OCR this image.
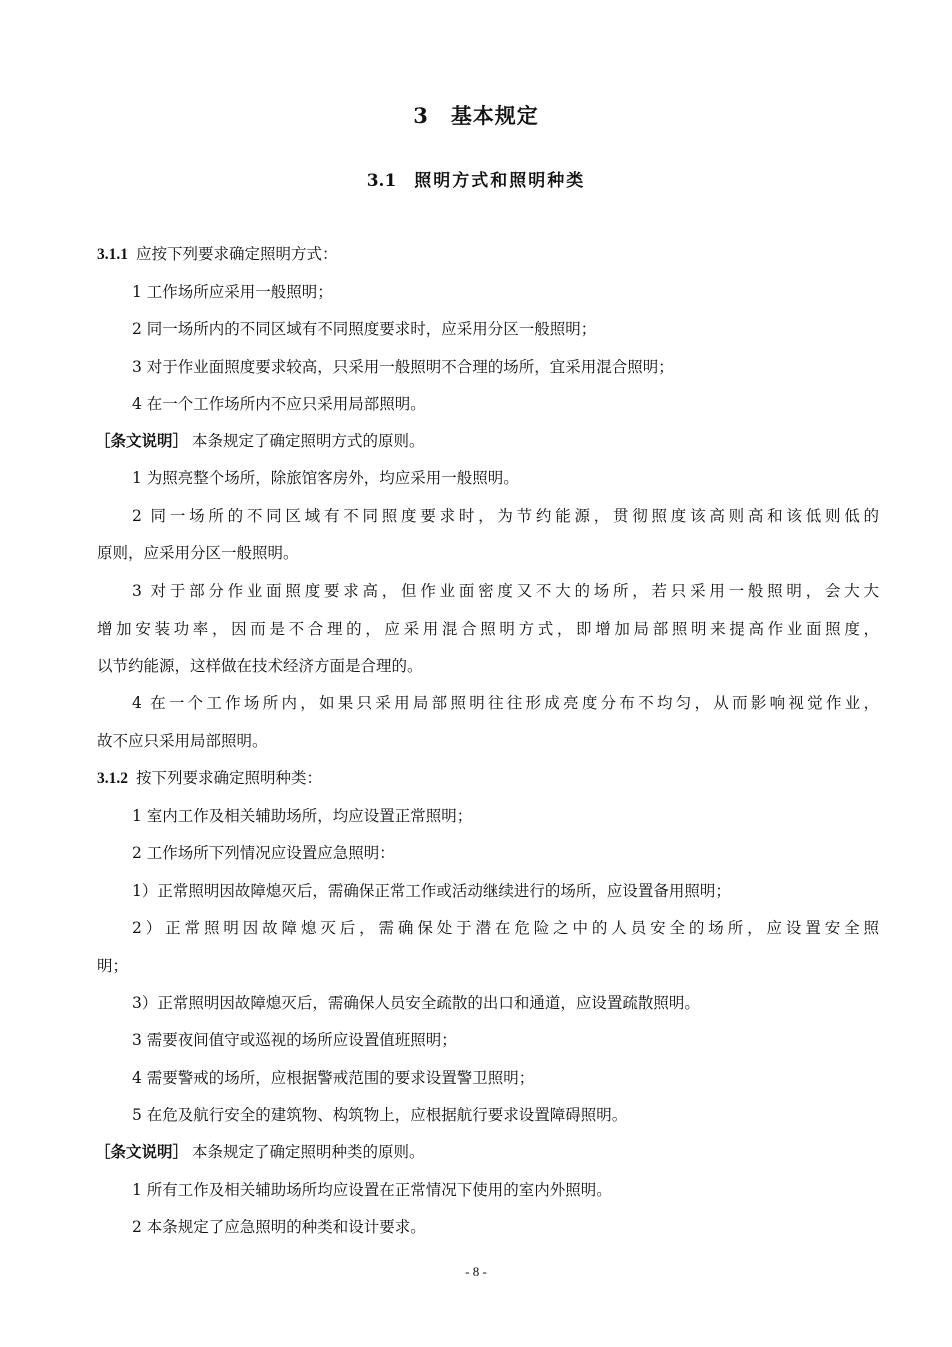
3 基本规定
3.1 照明方式和照明种类
3.1.1 应按下列要求确定照明方式：
1 工作场所应采用一般照明；
2 同一场所内的不同区域有不同照度要求时，应采用分区一般照明；
3 对于作业面照度要求较高，只采用一般照明不合理的场所，宜采用混合照明；
4 在一个工作场所内不应只采用局部照明。
［条文说明］ 本条规定了确定照明方式的原则。
1 为照亮整个场所，除旅馆客房外，均应采用一般照明。
2 同一场所的不同区域有不同照度要求时，为节约能源，贯彻照度该高则高和该低则低的
原则，应采用分区一般照明。
3 对于部分作业面照度要求高，但作业面密度又不大的场所，若只采用一般照明，会大大
增加安装功率，因而是不合理的，应采用混合照明方式，即增加局部照明来提高作业面照度，
以节约能源，这样做在技术经济方面是合理的。
4 在一个工作场所内，如果只采用局部照明往往形成亮度分布不均匀，从而影响视觉作业，
故不应只采用局部照明。
3.1.2 按下列要求确定照明种类：
1 室内工作及相关辅助场所，均应设置正常照明；
2 工作场所下列情况应设置应急照明：
1）正常照明因故障熄灭后，需确保正常工作或活动继续进行的场所，应设置备用照明；
2）正常照明因故障熄灭后，需确保处于潜在危险之中的人员安全的场所，应设置安全照
明；
3）正常照明因故障熄灭后，需确保人员安全疏散的出口和通道，应设置疏散照明。
3 需要夜间值守或巡视的场所应设置值班照明；
4 需要警戒的场所，应根据警戒范围的要求设置警卫照明；
5 在危及航行安全的建筑物、构筑物上，应根据航行要求设置障碍照明。
［条文说明］ 本条规定了确定照明种类的原则。
1 所有工作及相关辅助场所均应设置在正常情况下使用的室内外照明。
2 本条规定了应急照明的种类和设计要求。
- 8 -
